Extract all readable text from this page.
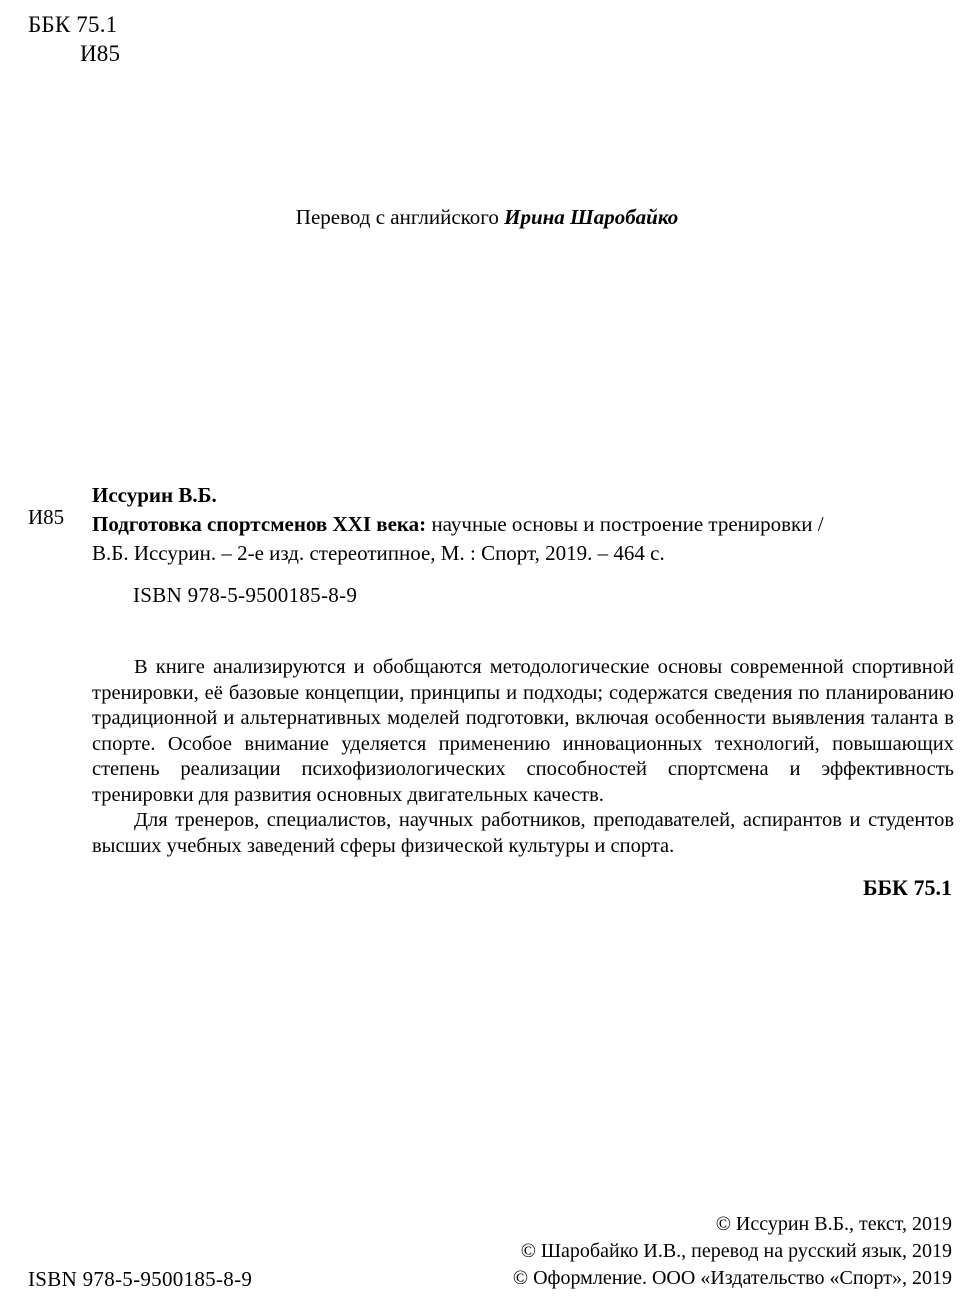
ББК 75.1
И85
Перевод с английского Ирина Шаробайко
И85
Иссурин В.Б.
Подготовка спортсменов XXI века: научные основы и построение тренировки /
В.Б. Иссурин. – 2-е изд. стереотипное, М. : Спорт, 2019. – 464 с.
ISBN 978-5-9500185-8-9

В книге анализируются и обобщаются методологические основы современной спортивной тренировки, её базовые концепции, принципы и подходы; содержатся сведения по планированию традиционной и альтернативных моделей подготовки, включая особенности выявления таланта в спорте. Особое внимание уделяется применению инновационных технологий, повышающих степень реализации психофизиологических способностей спортсмена и эффективность тренировки для развития основных двигательных качеств.

Для тренеров, специалистов, научных работников, преподавателей, аспирантов и студентов высших учебных заведений сферы физической культуры и спорта.

ББК 75.1
© Иссурин В.Б., текст, 2019
© Шаробайко И.В., перевод на русский язык, 2019
© Оформление. ООО «Издательство «Спорт», 2019
ISBN 978-5-9500185-8-9
